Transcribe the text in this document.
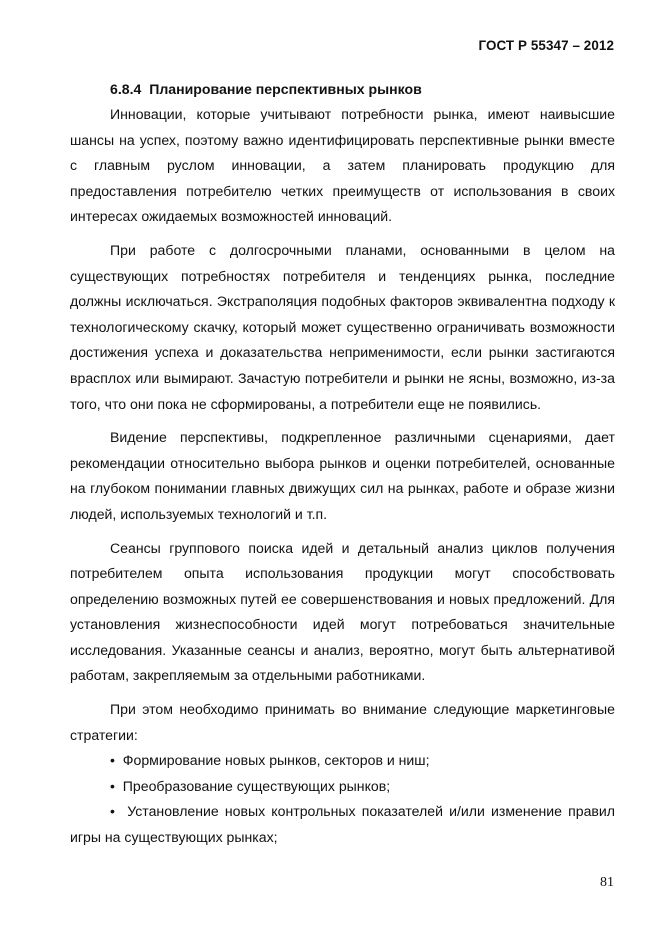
ГОСТ Р 55347 – 2012
6.8.4 Планирование перспективных рынков

Инновации, которые учитывают потребности рынка, имеют наивысшие шансы на успех, поэтому важно идентифицировать перспективные рынки вместе с главным руслом инновации, а затем планировать продукцию для предоставления потребителю четких преимуществ от использования в своих интересах ожидаемых возможностей инноваций.

При работе с долгосрочными планами, основанными в целом на существующих потребностях потребителя и тенденциях рынка, последние должны исключаться. Экстраполяция подобных факторов эквивалентна подходу к технологическому скачку, который может существенно ограничивать возможности достижения успеха и доказательства неприменимости, если рынки застигаются врасплох или вымирают. Зачастую потребители и рынки не ясны, возможно, из-за того, что они пока не сформированы, а потребители еще не появились.

Видение перспективы, подкрепленное различными сценариями, дает рекомендации относительно выбора рынков и оценки потребителей, основанные на глубоком понимании главных движущих сил на рынках, работе и образе жизни людей, используемых технологий и т.п.

Сеансы группового поиска идей и детальный анализ циклов получения потребителем опыта использования продукции могут способствовать определению возможных путей ее совершенствования и новых предложений. Для установления жизнеспособности идей могут потребоваться значительные исследования. Указанные сеансы и анализ, вероятно, могут быть альтернативой работам, закрепляемым за отдельными работниками.

При этом необходимо принимать во внимание следующие маркетинговые стратегии:

• Формирование новых рынков, секторов и ниш;

• Преобразование существующих рынков;

• Установление новых контрольных показателей и/или изменение правил игры на существующих рынках;

81
